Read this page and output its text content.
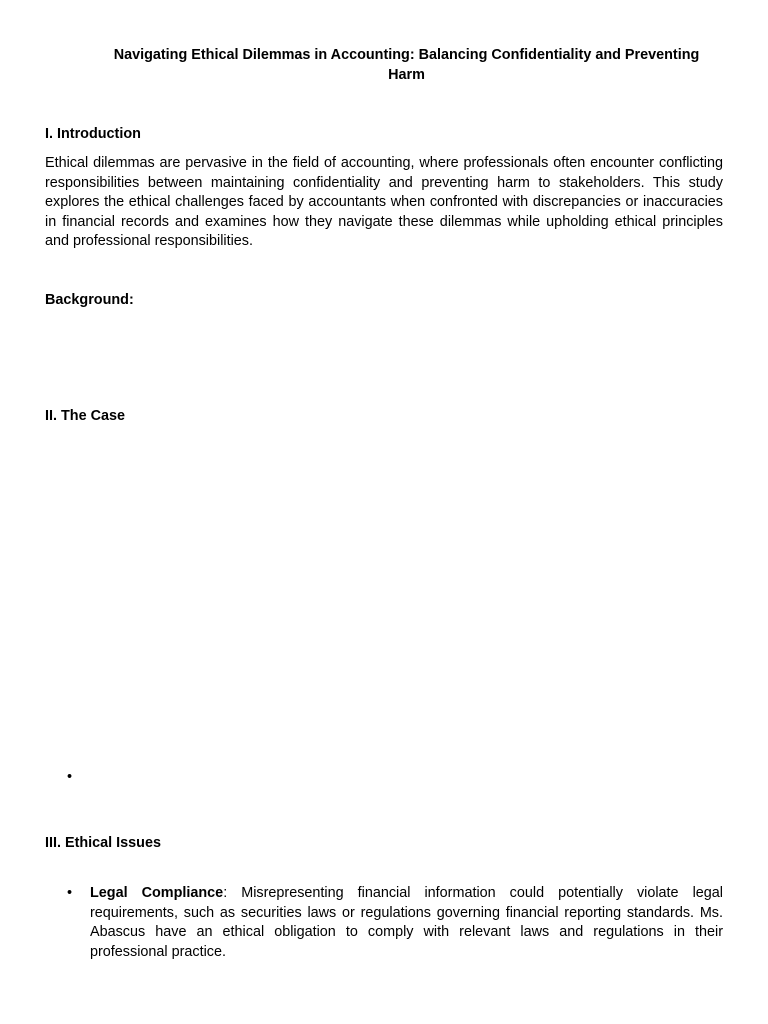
Navigating Ethical Dilemmas in Accounting: Balancing Confidentiality and Preventing
Harm
I. Introduction

Ethical dilemmas are pervasive in the field of accounting, where professionals often encounter conflicting responsibilities between maintaining confidentiality and preventing harm to stakeholders. This study explores the ethical challenges faced by accountants when confronted with discrepancies or inaccuracies in financial records and examines how they navigate these dilemmas while upholding ethical principles and professional responsibilities.

Background:
II. The Case
•

III. Ethical Issues
• Legal Compliance: Misrepresenting financial information could potentially violate legal requirements, such as securities laws or regulations governing financial reporting standards. Ms. Abascus have an ethical obligation to comply with relevant laws and regulations in their professional practice.
